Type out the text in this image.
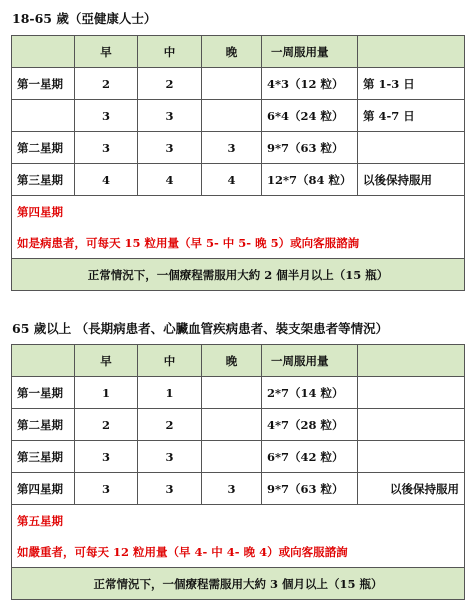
18-65 歲（亞健康人士）
	早	中	晚	一周服用量	
第一星期	2	2		4*3（12 粒）	第 1-3 日
	3	3		6*4（24 粒）	第 4-7 日
第二星期	3	3	3	9*7（63 粒）	
第三星期	4	4	4	12*7（84 粒）	以後保持服用
第四星期					
如是病患者，可每天 15 粒用量（早 5- 中 5- 晚 5）或向客服諮詢					
正常情況下，一個療程需服用大約 2 個半月以上（15 瓶）					
65 歲以上 （長期病患者、心臟血管疾病患者、裝支架患者等情況）
	早	中	晚	一周服用量	
第一星期	1	1		2*7（14 粒）	
第二星期	2	2		4*7（28 粒）	
第三星期	3	3		6*7（42 粒）	
第四星期	3	3	3	9*7（63 粒）	以後保持服用
第五星期					
如嚴重者，可每天 12 粒用量（早 4- 中 4- 晚 4）或向客服諮詢					
正常情況下，一個療程需服用大約 3 個月以上（15 瓶）					
